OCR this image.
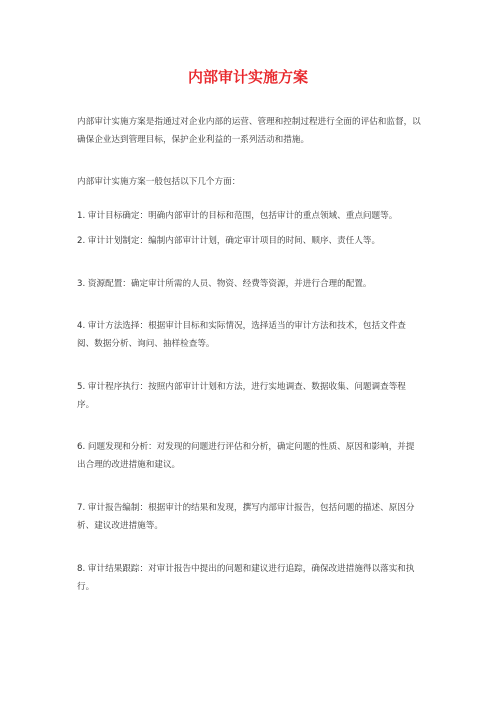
内部审计实施方案
内部审计实施方案是指通过对企业内部的运营、管理和控制过程进行全面的评估和监督，以确保企业达到管理目标，保护企业利益的一系列活动和措施。
内部审计实施方案一般包括以下几个方面：
1. 审计目标确定：明确内部审计的目标和范围，包括审计的重点领域、重点问题等。
2. 审计计划制定：编制内部审计计划，确定审计项目的时间、顺序、责任人等。
3. 资源配置：确定审计所需的人员、物资、经费等资源，并进行合理的配置。
4. 审计方法选择：根据审计目标和实际情况，选择适当的审计方法和技术，包括文件查阅、数据分析、询问、抽样检查等。
5. 审计程序执行：按照内部审计计划和方法，进行实地调查、数据收集、问题调查等程序。
6. 问题发现和分析：对发现的问题进行评估和分析，确定问题的性质、原因和影响，并提出合理的改进措施和建议。
7. 审计报告编制：根据审计的结果和发现，撰写内部审计报告，包括问题的描述、原因分析、建议改进措施等。
8. 审计结果跟踪：对审计报告中提出的问题和建议进行追踪，确保改进措施得以落实和执行。
